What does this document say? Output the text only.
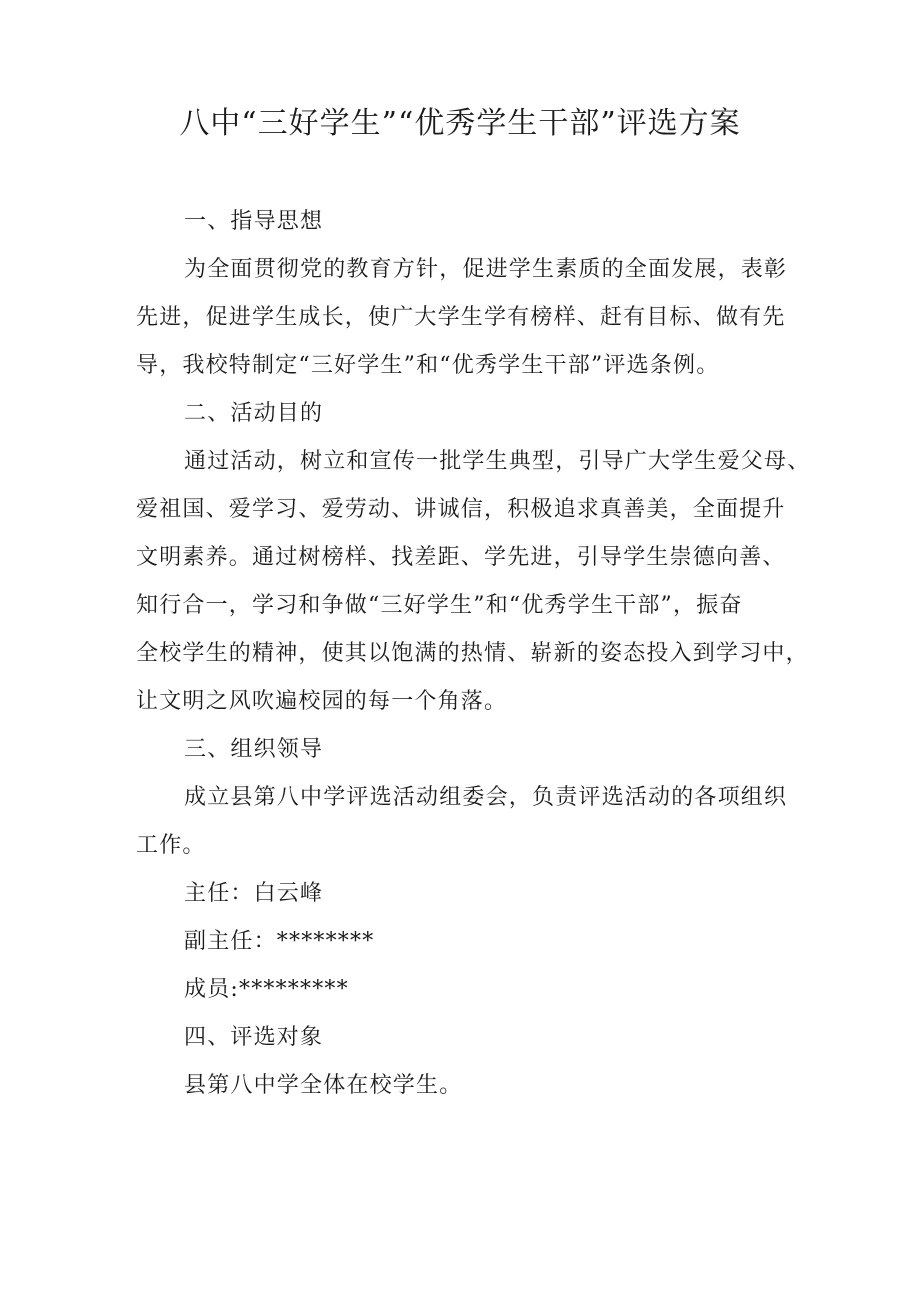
八中“三好学生”“优秀学生干部”评选方案
一、指导思想
为全面贯彻党的教育方针，促进学生素质的全面发展，表彰
先进，促进学生成长，使广大学生学有榜样、赶有目标、做有先
导，我校特制定“三好学生”和“优秀学生干部”评选条例。
二、活动目的
通过活动，树立和宣传一批学生典型，引导广大学生爱父母、
爱祖国、爱学习、爱劳动、讲诚信，积极追求真善美，全面提升
文明素养。通过树榜样、找差距、学先进，引导学生崇德向善、
知行合一，学习和争做“三好学生”和“优秀学生干部”，振奋
全校学生的精神，使其以饱满的热情、崭新的姿态投入到学习中，
让文明之风吹遍校园的每一个角落。
三、组织领导
成立县第八中学评选活动组委会，负责评选活动的各项组织
工作。
主任：白云峰
副主任：********
成员:*********
四、评选对象
县第八中学全体在校学生。
